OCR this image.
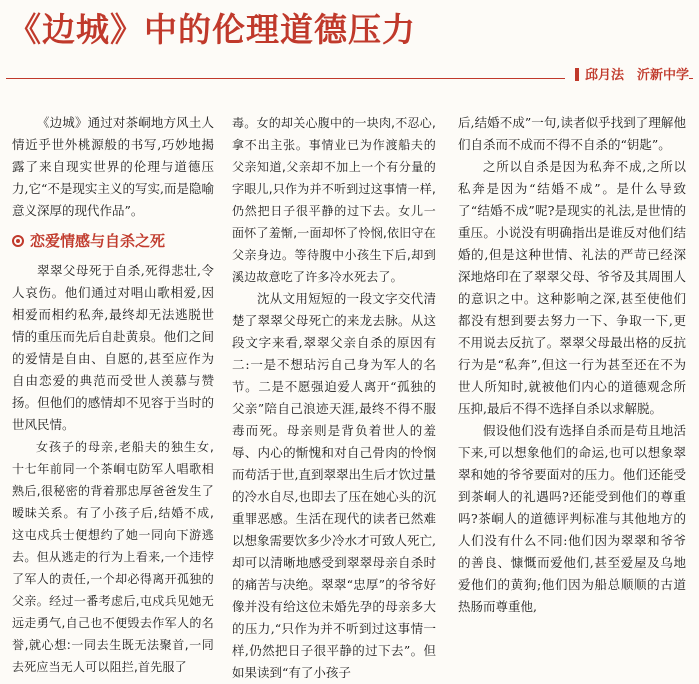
《边城》中的伦理道德压力
邱月法　沂新中学

《边城》通过对茶峒地方风土人情近乎世外桃源般的书写,巧妙地揭露了来自现实世界的伦理与道德压力,它“不是现实主义的写实,而是隐喻意义深厚的现代作品”。

恋爱情感与自杀之死

翠翠父母死于自杀,死得悲壮,令人哀伤。他们通过对唱山歌相爱,因相爱而相约私奔,最终却无法逃脱世情的重压而先后自赴黄泉。他们之间的爱情是自由、自愿的,甚至应作为自由恋爱的典范而受世人羡慕与赞扬。但他们的感情却不见容于当时的世风民情。

女孩子的母亲,老船夫的独生女,十七年前同一个茶峒屯防军人唱歌相熟后,很秘密的背着那忠厚爸爸发生了暧昧关系。有了小孩子后,结婚不成,这屯戍兵士便想约了她一同向下游逃去。但从逃走的行为上看来,一个违悖了军人的责任,一个却必得离开孤独的父亲。经过一番考虑后,屯戍兵见她无远走勇气,自己也不便毁去作军人的名誉,就心想:一同去生既无法聚首,一同去死应当无人可以阻拦,首先服了

毒。女的却关心腹中的一块肉,不忍心,拿不出主张。事情业已为作渡船夫的父亲知道,父亲却不加上一个有分量的字眼儿,只作为并不听到过这事情一样,仍然把日子很平静的过下去。女儿一面怀了羞惭,一面却怀了怜悯,依旧守在父亲身边。等待腹中小孩生下后,却到溪边故意吃了许多冷水死去了。

沈从文用短短的一段文字交代清楚了翠翠父母死亡的来龙去脉。从这段文字来看,翠翠父亲自杀的原因有二:一是不想玷污自己身为军人的名节。二是不愿强迫爱人离开“孤独的父亲”陪自己浪迹天涯,最终不得不服毒而死。母亲则是背负着世人的羞辱、内心的惭愧和对自己骨肉的怜悯而苟活于世,直到翠翠出生后才饮过量的冷水自尽,也即去了压在她心头的沉重罪恶感。生活在现代的读者已然难以想象需要饮多少冷水才可致人死亡,却可以清晰地感受到翠翠母亲自杀时的痛苦与决绝。翠翠“忠厚”的爷爷好像并没有给这位未婚先孕的母亲多大的压力,“只作为并不听到过这事情一样,仍然把日子很平静的过下去”。但如果读到“有了小孩子

后,结婚不成”一句,读者似乎找到了理解他们自杀而不成而不得不自杀的“钥匙”。

之所以自杀是因为私奔不成,之所以私奔是因为“结婚不成”。是什么导致了“结婚不成”呢?是现实的礼法,是世情的重压。小说没有明确指出是谁反对他们结婚的,但是这种世情、礼法的严苛已经深深地烙印在了翠翠父母、爷爷及其周围人的意识之中。这种影响之深,甚至使他们都没有想到要去努力一下、争取一下,更不用说去反抗了。翠翠父母最出格的反抗行为是“私奔”,但这一行为甚至还在不为世人所知时,就被他们内心的道德观念所压抑,最后不得不选择自杀以求解脱。

假设他们没有选择自杀而是苟且地活下来,可以想象他们的命运,也可以想象翠翠和她的爷爷要面对的压力。他们还能受到茶峒人的礼遇吗?还能受到他们的尊重吗?茶峒人的道德评判标准与其他地方的人们没有什么不同:他们因为翠翠和爷爷的善良、慷慨而爱他们,甚至爱屋及乌地爱他们的黄狗;他们因为船总顺顺的古道热肠而尊重他,
